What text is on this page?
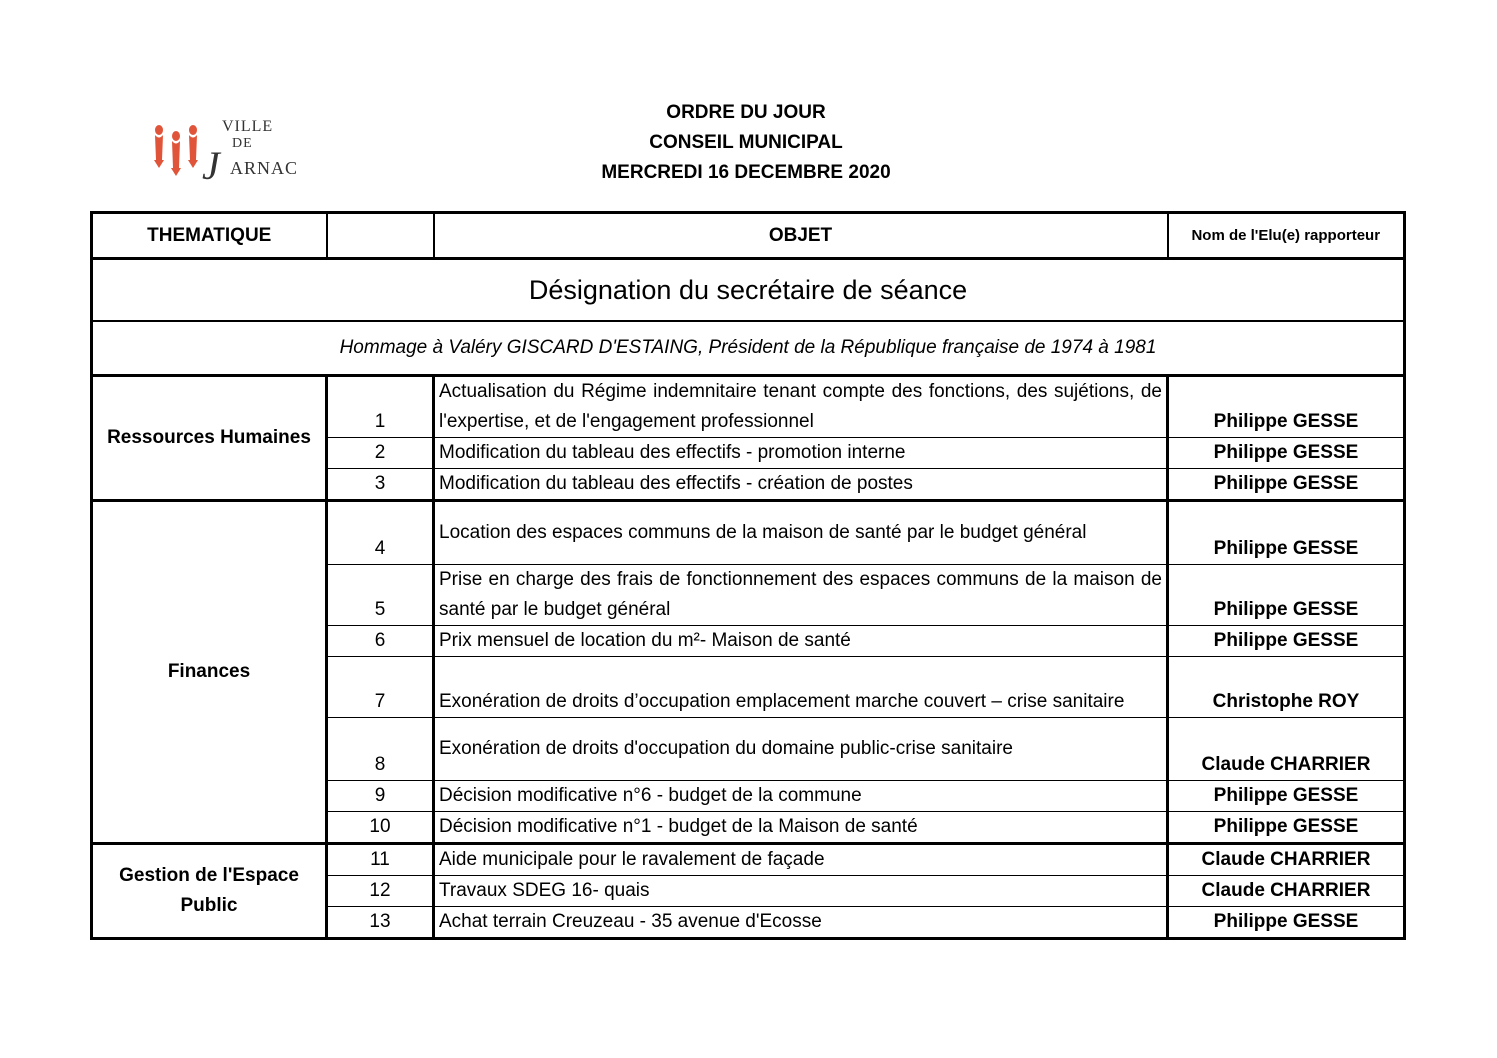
VILLE
DE
J ARNAC
ORDRE DU JOUR
CONSEIL MUNICIPAL
MERCREDI 16 DECEMBRE 2020
THEMATIQUE		OBJET	Nom de l'Elu(e) rapporteur
Désignation du secrétaire de séance			
Hommage à Valéry GISCARD D'ESTAING, Président de la République française de 1974 à 1981			
Ressources Humaines	1	Actualisation du Régime indemnitaire tenant compte des fonctions, des sujétions, de l'expertise, et de l'engagement professionnel	Philippe GESSE
	2	Modification du tableau des effectifs - promotion interne	Philippe GESSE
	3	Modification du tableau des effectifs - création de postes	Philippe GESSE
Finances	4	Location des espaces communs de la maison de santé par le budget général	Philippe GESSE
	5	Prise en charge des frais de fonctionnement des espaces communs de la maison de santé par le budget général	Philippe GESSE
	6	Prix mensuel de location du m²- Maison de santé	Philippe GESSE
	7	Exonération de droits d’occupation emplacement marche couvert – crise sanitaire	Christophe ROY
	8	Exonération de droits d'occupation du domaine public-crise sanitaire	Claude CHARRIER
	9	Décision modificative n°6 - budget de la commune	Philippe GESSE
	10	Décision modificative n°1 - budget de la Maison de santé	Philippe GESSE
Gestion de l'Espace Public	11	Aide municipale pour le ravalement de façade	Claude CHARRIER
	12	Travaux SDEG 16- quais	Claude CHARRIER
	13	Achat terrain Creuzeau - 35 avenue d'Ecosse	Philippe GESSE
